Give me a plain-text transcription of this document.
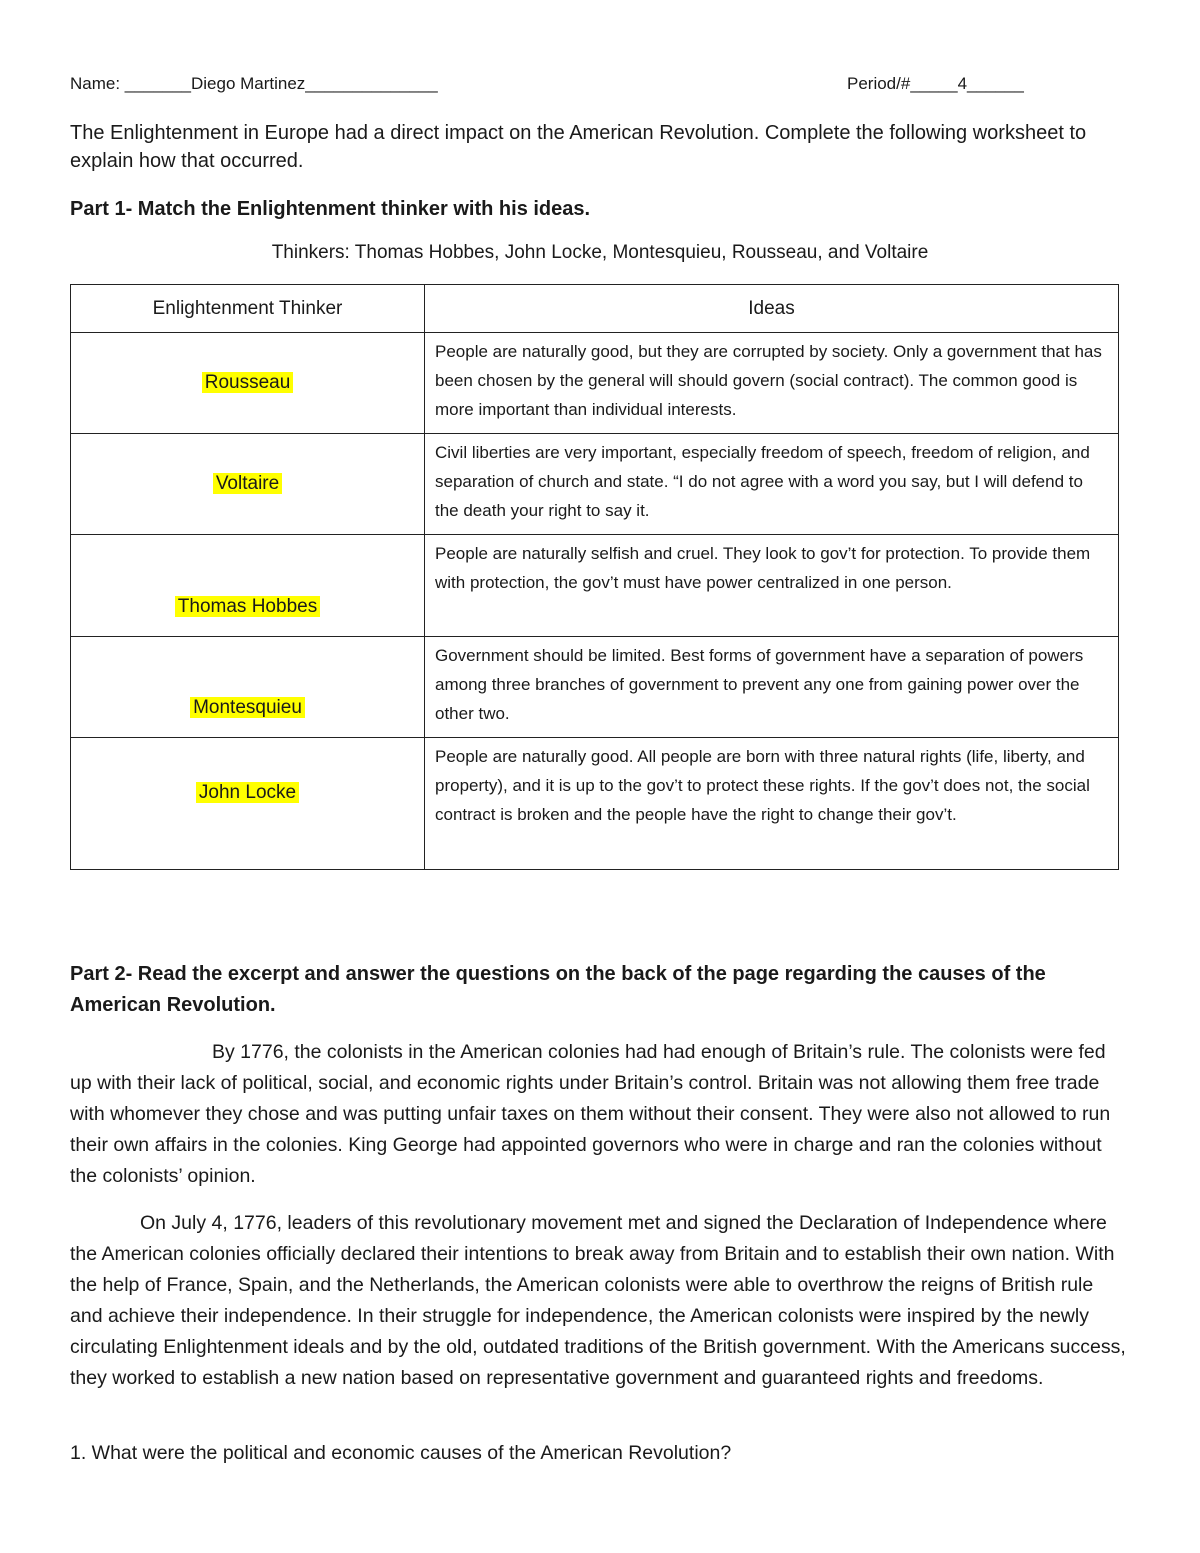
Name: _______Diego Martinez______________	Period/#_____4______
The Enlightenment in Europe had a direct impact on the American Revolution. Complete the following worksheet to explain how that occurred.
Part 1- Match the Enlightenment thinker with his ideas.
Thinkers: Thomas Hobbes, John Locke, Montesquieu, Rousseau, and Voltaire
Enlightenment Thinker	Ideas
Rousseau	People are naturally good, but they are corrupted by society. Only a government that has been chosen by the general will should govern (social contract). The common good is more important than individual interests.
Voltaire	Civil liberties are very important, especially freedom of speech, freedom of religion, and separation of church and state. “I do not agree with a word you say, but I will defend to the death your right to say it.
Thomas Hobbes	People are naturally selfish and cruel. They look to gov’t for protection. To provide them with protection, the gov’t must have power centralized in one person.
Montesquieu	Government should be limited. Best forms of government have a separation of powers among three branches of government to prevent any one from gaining power over the other two.
John Locke	People are naturally good. All people are born with three natural rights (life, liberty, and property), and it is up to the gov’t to protect these rights. If the gov’t does not, the social contract is broken and the people have the right to change their gov’t.
Part 2- Read the excerpt and answer the questions on the back of the page regarding the causes of the American Revolution.
By 1776, the colonists in the American colonies had had enough of Britain’s rule. The colonists were fed up with their lack of political, social, and economic rights under Britain’s control. Britain was not allowing them free trade with whomever they chose and was putting unfair taxes on them without their consent. They were also not allowed to run their own affairs in the colonies. King George had appointed governors who were in charge and ran the colonies without the colonists’ opinion.
On July 4, 1776, leaders of this revolutionary movement met and signed the Declaration of Independence where the American colonies officially declared their intentions to break away from Britain and to establish their own nation. With the help of France, Spain, and the Netherlands, the American colonists were able to overthrow the reigns of British rule and achieve their independence. In their struggle for independence, the American colonists were inspired by the newly circulating Enlightenment ideals and by the old, outdated traditions of the British government. With the Americans success, they worked to establish a new nation based on representative government and guaranteed rights and freedoms.
1. What were the political and economic causes of the American Revolution?
